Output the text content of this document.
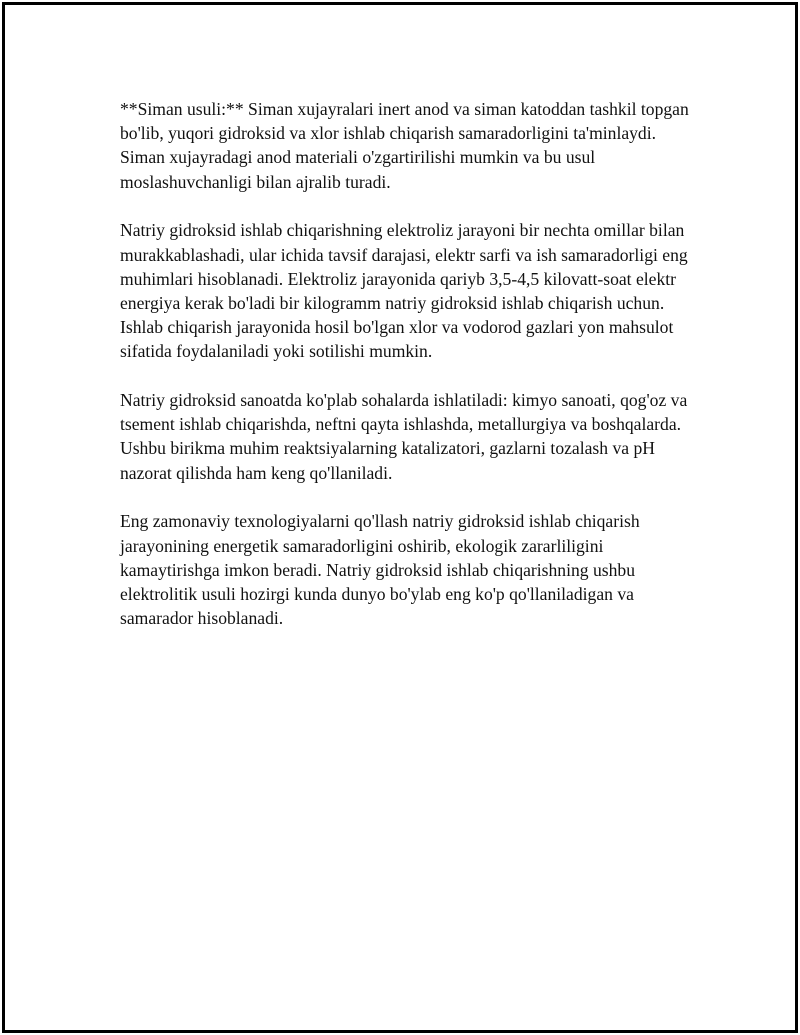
**Siman usuli:** Siman xujayralari inert anod va siman katoddan tashkil topgan bo'lib, yuqori gidroksid va xlor ishlab chiqarish samaradorligini ta'minlaydi. Siman xujayradagi anod materiali o'zgartirilishi mumkin va bu usul moslashuvchanligi bilan ajralib turadi.

Natriy gidroksid ishlab chiqarishning elektroliz jarayoni bir nechta omillar bilan murakkablashadi, ular ichida tavsif darajasi, elektr sarfi va ish samaradorligi eng muhimlari hisoblanadi. Elektroliz jarayonida qariyb 3,5-4,5 kilovatt-soat elektr energiya kerak bo'ladi bir kilogramm natriy gidroksid ishlab chiqarish uchun. Ishlab chiqarish jarayonida hosil bo'lgan xlor va vodorod gazlari yon mahsulot sifatida foydalaniladi yoki sotilishi mumkin.

Natriy gidroksid sanoatda ko'plab sohalarda ishlatiladi: kimyo sanoati, qog'oz va tsement ishlab chiqarishda, neftni qayta ishlashda, metallurgiya va boshqalarda. Ushbu birikma muhim reaktsiyalarning katalizatori, gazlarni tozalash va pH nazorat qilishda ham keng qo'llaniladi.

Eng zamonaviy texnologiyalarni qo'llash natriy gidroksid ishlab chiqarish jarayonining energetik samaradorligini oshirib, ekologik zararliligini kamaytirishga imkon beradi. Natriy gidroksid ishlab chiqarishning ushbu elektrolitik usuli hozirgi kunda dunyo bo'ylab eng ko'p qo'llaniladigan va samarador hisoblanadi.
